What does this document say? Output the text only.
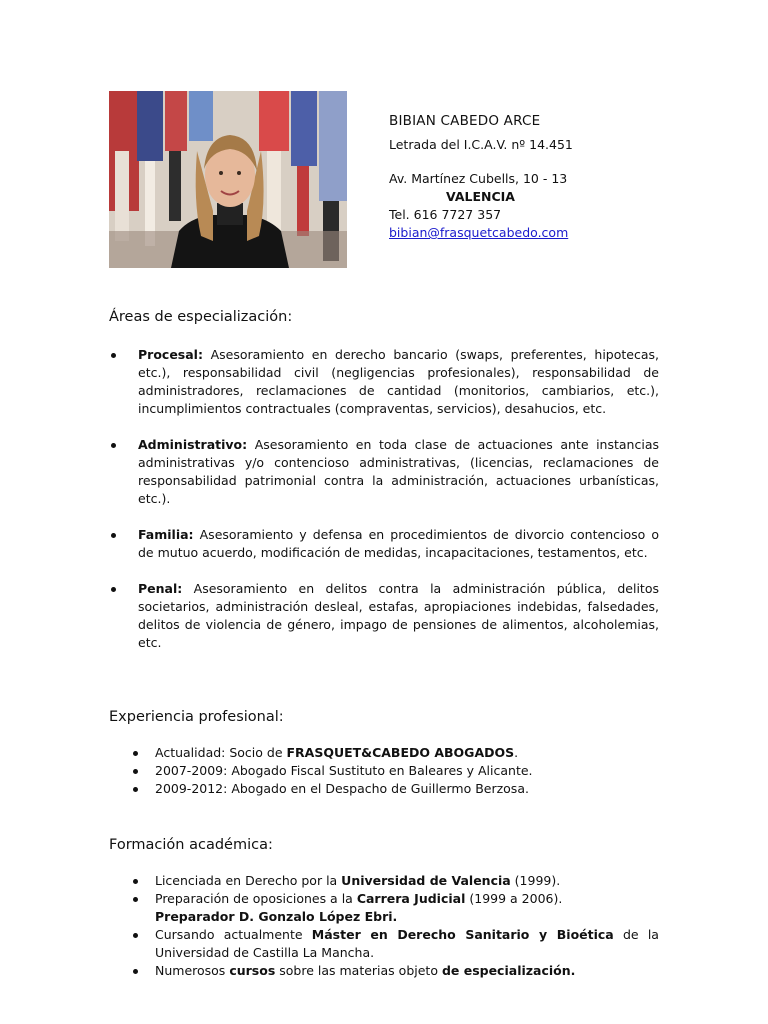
BIBIAN CABEDO ARCE

Letrada del I.C.A.V. nº 14.451

Av. Martínez Cubells, 10 - 13

VALENCIA

Tel. 616 7727 357

bibian@frasquetcabedo.com

Áreas de especialización:
Procesal: Asesoramiento en derecho bancario (swaps, preferentes, hipotecas, etc.), responsabilidad civil (negligencias profesionales), responsabilidad de administradores, reclamaciones de cantidad (monitorios, cambiarios, etc.), incumplimientos contractuales (compraventas, servicios), desahucios, etc.
Administrativo: Asesoramiento en toda clase de actuaciones ante instancias administrativas y/o contencioso administrativas, (licencias, reclamaciones de responsabilidad patrimonial contra la administración, actuaciones urbanísticas, etc.).
Familia: Asesoramiento y defensa en procedimientos de divorcio contencioso o de mutuo acuerdo, modificación de medidas, incapacitaciones, testamentos, etc.
Penal: Asesoramiento en delitos contra la administración pública, delitos societarios, administración desleal, estafas, apropiaciones indebidas, falsedades, delitos de violencia de género, impago de pensiones de alimentos, alcoholemias, etc.
Experiencia profesional:
Actualidad: Socio de FRASQUET&CABEDO ABOGADOS.
2007-2009: Abogado Fiscal Sustituto en Baleares y Alicante.
2009-2012: Abogado en el Despacho de Guillermo Berzosa.
Formación académica:
Licenciada en Derecho por la Universidad de Valencia (1999).
Preparación de oposiciones a la Carrera Judicial (1999 a 2006).
Preparador D. Gonzalo López Ebri.
Cursando actualmente Máster en Derecho Sanitario y Bioética de la Universidad de Castilla La Mancha.
Numerosos cursos sobre las materias objeto de especialización.
